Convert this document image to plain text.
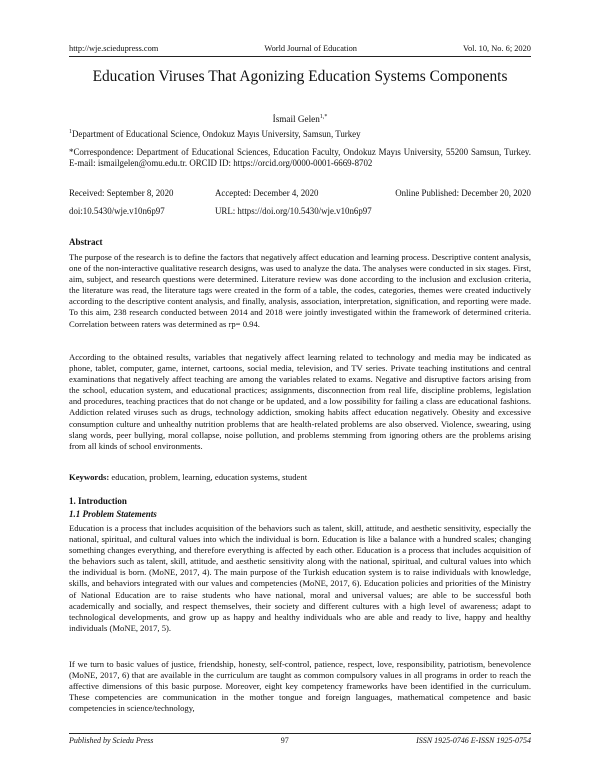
http://wje.sciedupress.com	World Journal of Education	Vol. 10, No. 6; 2020
Education Viruses That Agonizing Education Systems Components
İsmail Gelen$^{1,*}$

$^1$Department of Educational Science, Ondokuz Mayıs University, Samsun, Turkey

*Correspondence: Department of Educational Sciences, Education Faculty, Ondokuz Mayıs University, 55200 Samsun, Turkey. E-mail: ismailgelen@omu.edu.tr. ORCID ID: https://orcid.org/0000-0001-6669-8702

Received: September 8, 2020	Accepted: December 4, 2020	Online Published: December 20, 2020
doi:10.5430/wje.v10n6p97	URL: https://doi.org/10.5430/wje.v10n6p97
Abstract

The purpose of the research is to define the factors that negatively affect education and learning process. Descriptive content analysis, one of the non-interactive qualitative research designs, was used to analyze the data. The analyses were conducted in six stages. First, aim, subject, and research questions were determined. Literature review was done according to the inclusion and exclusion criteria, the literature was read, the literature tags were created in the form of a table, the codes, categories, themes were created inductively according to the descriptive content analysis, and finally, analysis, association, interpretation, signification, and reporting were made. To this aim, 238 research conducted between 2014 and 2018 were jointly investigated within the framework of determined criteria. Correlation between raters was determined as rp= 0.94.

According to the obtained results, variables that negatively affect learning related to technology and media may be indicated as phone, tablet, computer, game, internet, cartoons, social media, television, and TV series. Private teaching institutions and central examinations that negatively affect teaching are among the variables related to exams. Negative and disruptive factors arising from the school, education system, and educational practices; assignments, disconnection from real life, discipline problems, legislation and procedures, teaching practices that do not change or be updated, and a low possibility for failing a class are educational fashions. Addiction related viruses such as drugs, technology addiction, smoking habits affect education negatively. Obesity and excessive consumption culture and unhealthy nutrition problems that are health-related problems are also observed. Violence, swearing, using slang words, peer bullying, moral collapse, noise pollution, and problems stemming from ignoring others are the problems arising from all kinds of school environments.

Keywords: education, problem, learning, education systems, student

1. Introduction
1.1 Problem Statements

Education is a process that includes acquisition of the behaviors such as talent, skill, attitude, and aesthetic sensitivity, especially the national, spiritual, and cultural values into which the individual is born. Education is like a balance with a hundred scales; changing something changes everything, and therefore everything is affected by each other. Education is a process that includes acquisition of the behaviors such as talent, skill, attitude, and aesthetic sensitivity along with the national, spiritual, and cultural values into which the individual is born. (MoNE, 2017, 4). The main purpose of the Turkish education system is to raise individuals with knowledge, skills, and behaviors integrated with our values and competencies (MoNE, 2017, 6). Education policies and priorities of the Ministry of National Education are to raise students who have national, moral and universal values; are able to be successful both academically and socially, and respect themselves, their society and different cultures with a high level of awareness; adapt to technological developments, and grow up as happy and healthy individuals who are able and ready to live, happy and healthy individuals (MoNE, 2017, 5).

If we turn to basic values of justice, friendship, honesty, self-control, patience, respect, love, responsibility, patriotism, benevolence (MoNE, 2017, 6) that are available in the curriculum are taught as common compulsory values in all programs in order to reach the affective dimensions of this basic purpose. Moreover, eight key competency frameworks have been identified in the curriculum. These competencies are communication in the mother tongue and foreign languages, mathematical competence and basic competencies in science/technology,

Published by Sciedu Press	97	ISSN 1925-0746 E-ISSN 1925-0754
